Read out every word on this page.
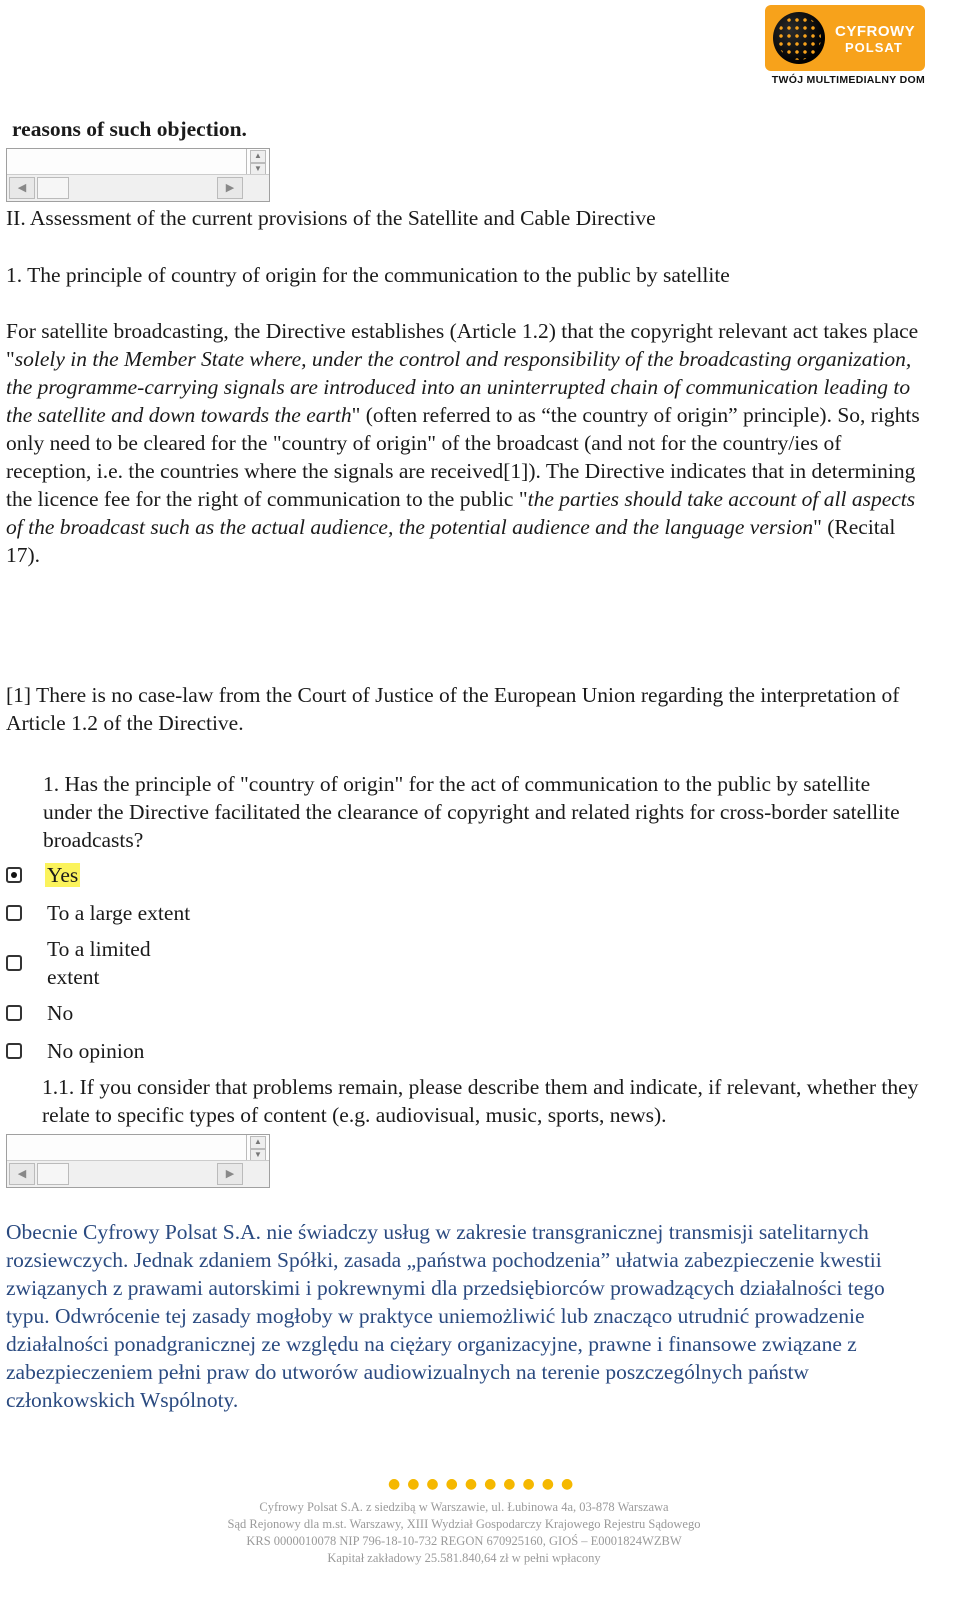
CYFROWY
POLSAT
TWÓJ MULTIMEDIALNY DOM
reasons of such objection.
▲
▼
◀	▶
II. Assessment of the current provisions of the Satellite and Cable Directive
1. The principle of country of origin for the communication to the public by satellite
For satellite broadcasting, the Directive establishes (Article 1.2) that the copyright relevant act takes place "solely in the Member State where, under the control and responsibility of the broadcasting organization, the programme-carrying signals are introduced into an uninterrupted chain of communication leading to the satellite and down towards the earth" (often referred to as “the country of origin” principle). So, rights only need to be cleared for the "country of origin" of the broadcast (and not for the country/ies of reception, i.e. the countries where the signals are received[1]). The Directive indicates that in determining the licence fee for the right of communication to the public "the parties should take account of all aspects of the broadcast such as the actual audience, the potential audience and the language version" (Recital 17).
[1] There is no case-law from the Court of Justice of the European Union regarding the interpretation of Article 1.2 of the Directive.
1. Has the principle of "country of origin" for the act of communication to the public by satellite under the Directive facilitated the clearance of copyright and related rights for cross-border satellite broadcasts?
Yes
To a large extent
To a limited extent
No
No opinion
1.1. If you consider that problems remain, please describe them and indicate, if relevant, whether they relate to specific types of content (e.g. audiovisual, music, sports, news).
▲
▼
◀	▶
Obecnie Cyfrowy Polsat S.A. nie świadczy usług w zakresie transgranicznej transmisji satelitarnych rozsiewczych. Jednak zdaniem Spółki, zasada „państwa pochodzenia” ułatwia zabezpieczenie kwestii związanych z prawami autorskimi i pokrewnymi dla przedsiębiorców prowadzących działalności tego typu. Odwrócenie tej zasady mogłoby w praktyce uniemożliwić lub znacząco utrudnić prowadzenie działalności ponadgranicznej ze względu na ciężary organizacyjne, prawne i finansowe związane z zabezpieczeniem pełni praw do utworów audiowizualnych na terenie poszczególnych państw członkowskich Wspólnoty.
●●●●●●●●●●
Cyfrowy Polsat S.A. z siedzibą w Warszawie, ul. Łubinowa 4a, 03-878 Warszawa
Sąd Rejonowy dla m.st. Warszawy, XIII Wydział Gospodarczy Krajowego Rejestru Sądowego
KRS 0000010078 NIP 796-18-10-732 REGON 670925160, GIOŚ – E0001824WZBW
Kapitał zakładowy 25.581.840,64 zł w pełni wpłacony
